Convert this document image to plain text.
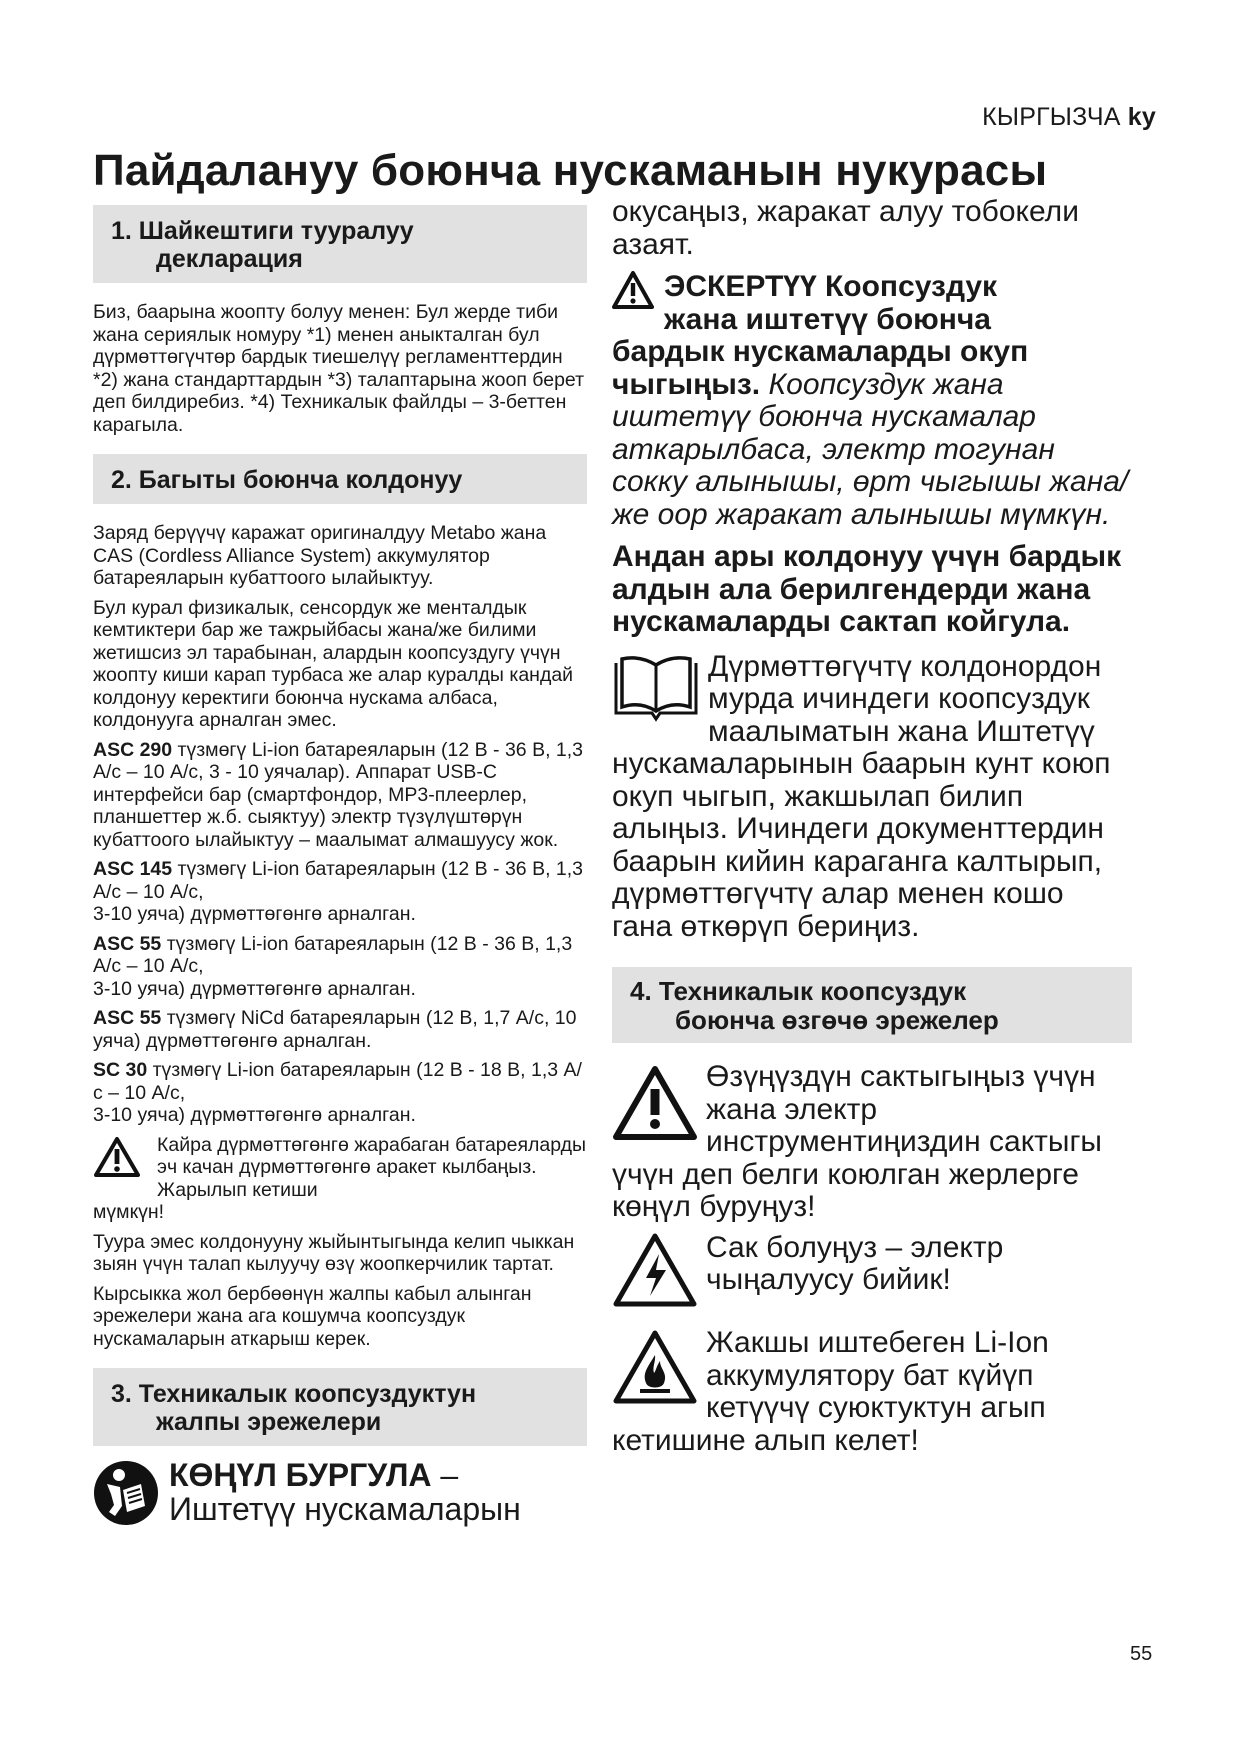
КЫРГЫЗЧА ky
Пайдалануу боюнча нускаманын нукурасы
1. Шайкештиги тууралуу
декларация

Биз, баарына жоопту болуу менен: Бул жерде тиби жана сериялык номуру *1) менен аныкталган бул дүрмөттөгүчтөр бардык тиешелүү регламенттердин *2) жана стандарттардын *3) талаптарына жооп берет деп билдиребиз. *4) Техникалык файлды – 3-беттен карагыла.

2. Багыты боюнча колдонуу

Заряд берүүчү каражат оригиналдуу Metabo жана CAS (Cordless Alliance System) аккумулятор батареяларын кубаттоого ылайыктуу.

Бул курал физикалык, сенсордук же менталдык кемтиктери бар же тажрыйбасы жана/же билими жетишсиз эл тарабынан, алардын коопсуздугу үчүн жоопту киши карап турбаса же алар куралды кандай колдонуу керектиги боюнча нускама албаса, колдонууга арналган эмес.

ASC 290 түзмөгү Li-ion батареяларын (12 В - 36 В, 1,3 А/с – 10 А/с, 3 - 10 уячалар). Аппарат USB-C интерфейси бар (смартфондор, MP3-плеерлер, планшеттер ж.б. сыяктуу) электр түзүлүштөрүн кубаттоого ылайыктуу – маалымат алмашуусу жок.

ASC 145 түзмөгү Li-ion батареяларын (12 В - 36 В, 1,3 А/с – 10 А/с,
3-10 уяча) дүрмөттөгөнгө арналган.

ASC 55 түзмөгү Li-ion батареяларын (12 В - 36 В, 1,3 А/с – 10 А/с,
3-10 уяча) дүрмөттөгөнгө арналган.

ASC 55 түзмөгү NiCd батареяларын (12 В, 1,7 А/с, 10 уяча) дүрмөттөгөнгө арналган.

SC 30 түзмөгү Li-ion батареяларын (12 В - 18 В, 1,3 А/с – 10 А/с,
3-10 уяча) дүрмөттөгөнгө арналган.

Кайра дүрмөттөгөнгө жарабаган батареяларды эч качан дүрмөттөгөнгө аракет кылбаңыз. Жарылып кетиши
мүмкүн!

Туура эмес колдонууну жыйынтыгында келип чыккан зыян үчүн талап кылуучу өзү жоопкерчилик тартат.

Кырсыкка жол бербөөнүн жалпы кабыл алынган эрежелери жана ага кошумча коопсуздук нускамаларын аткарыш керек.

3. Техникалык коопсуздуктун
жалпы эрежелери
КӨҢҮЛ БУРГУЛА –
Иштетүү нускамаларын
окусаңыз, жаракат алуу тобокели азаят.
ЭСКЕРТҮҮ Коопсуздук
жана иштетүү боюнча
бардык нускамаларды окуп чыгыңыз. Коопсуздук жана иштетүү боюнча нускамалар аткарылбаса, электр тогунан сокку алынышы, өрт чыгышы жана/же оор жаракат алынышы мүмкүн.
Андан ары колдонуу үчүн бардык алдын ала берилгендерди жана нускамаларды сактап койгула.
Дүрмөттөгүчтү колдонордон мурда ичиндеги коопсуздук маалыматын жана Иштетүү нускамаларынын баарын кунт коюп окуп чыгып, жакшылап билип алыңыз. Ичиндеги документтердин баарын кийин караганга калтырып, дүрмөттөгүчтү алар менен кошо гана өткөрүп бериңиз.
4. Техникалык коопсуздук
боюнча өзгөчө эрежелер
Өзүңүздүн сактыгыңыз үчүн жана электр инструментиңиздин сактыгы үчүн деп белги коюлган жерлерге көңүл буруңуз!
Сак болуңуз – электр чыңалуусу бийик!
Жакшы иштебеген Li-Ion аккумулятору бат күйүп кетүүчү суюктуктун агып кетишине алып келет!
55
